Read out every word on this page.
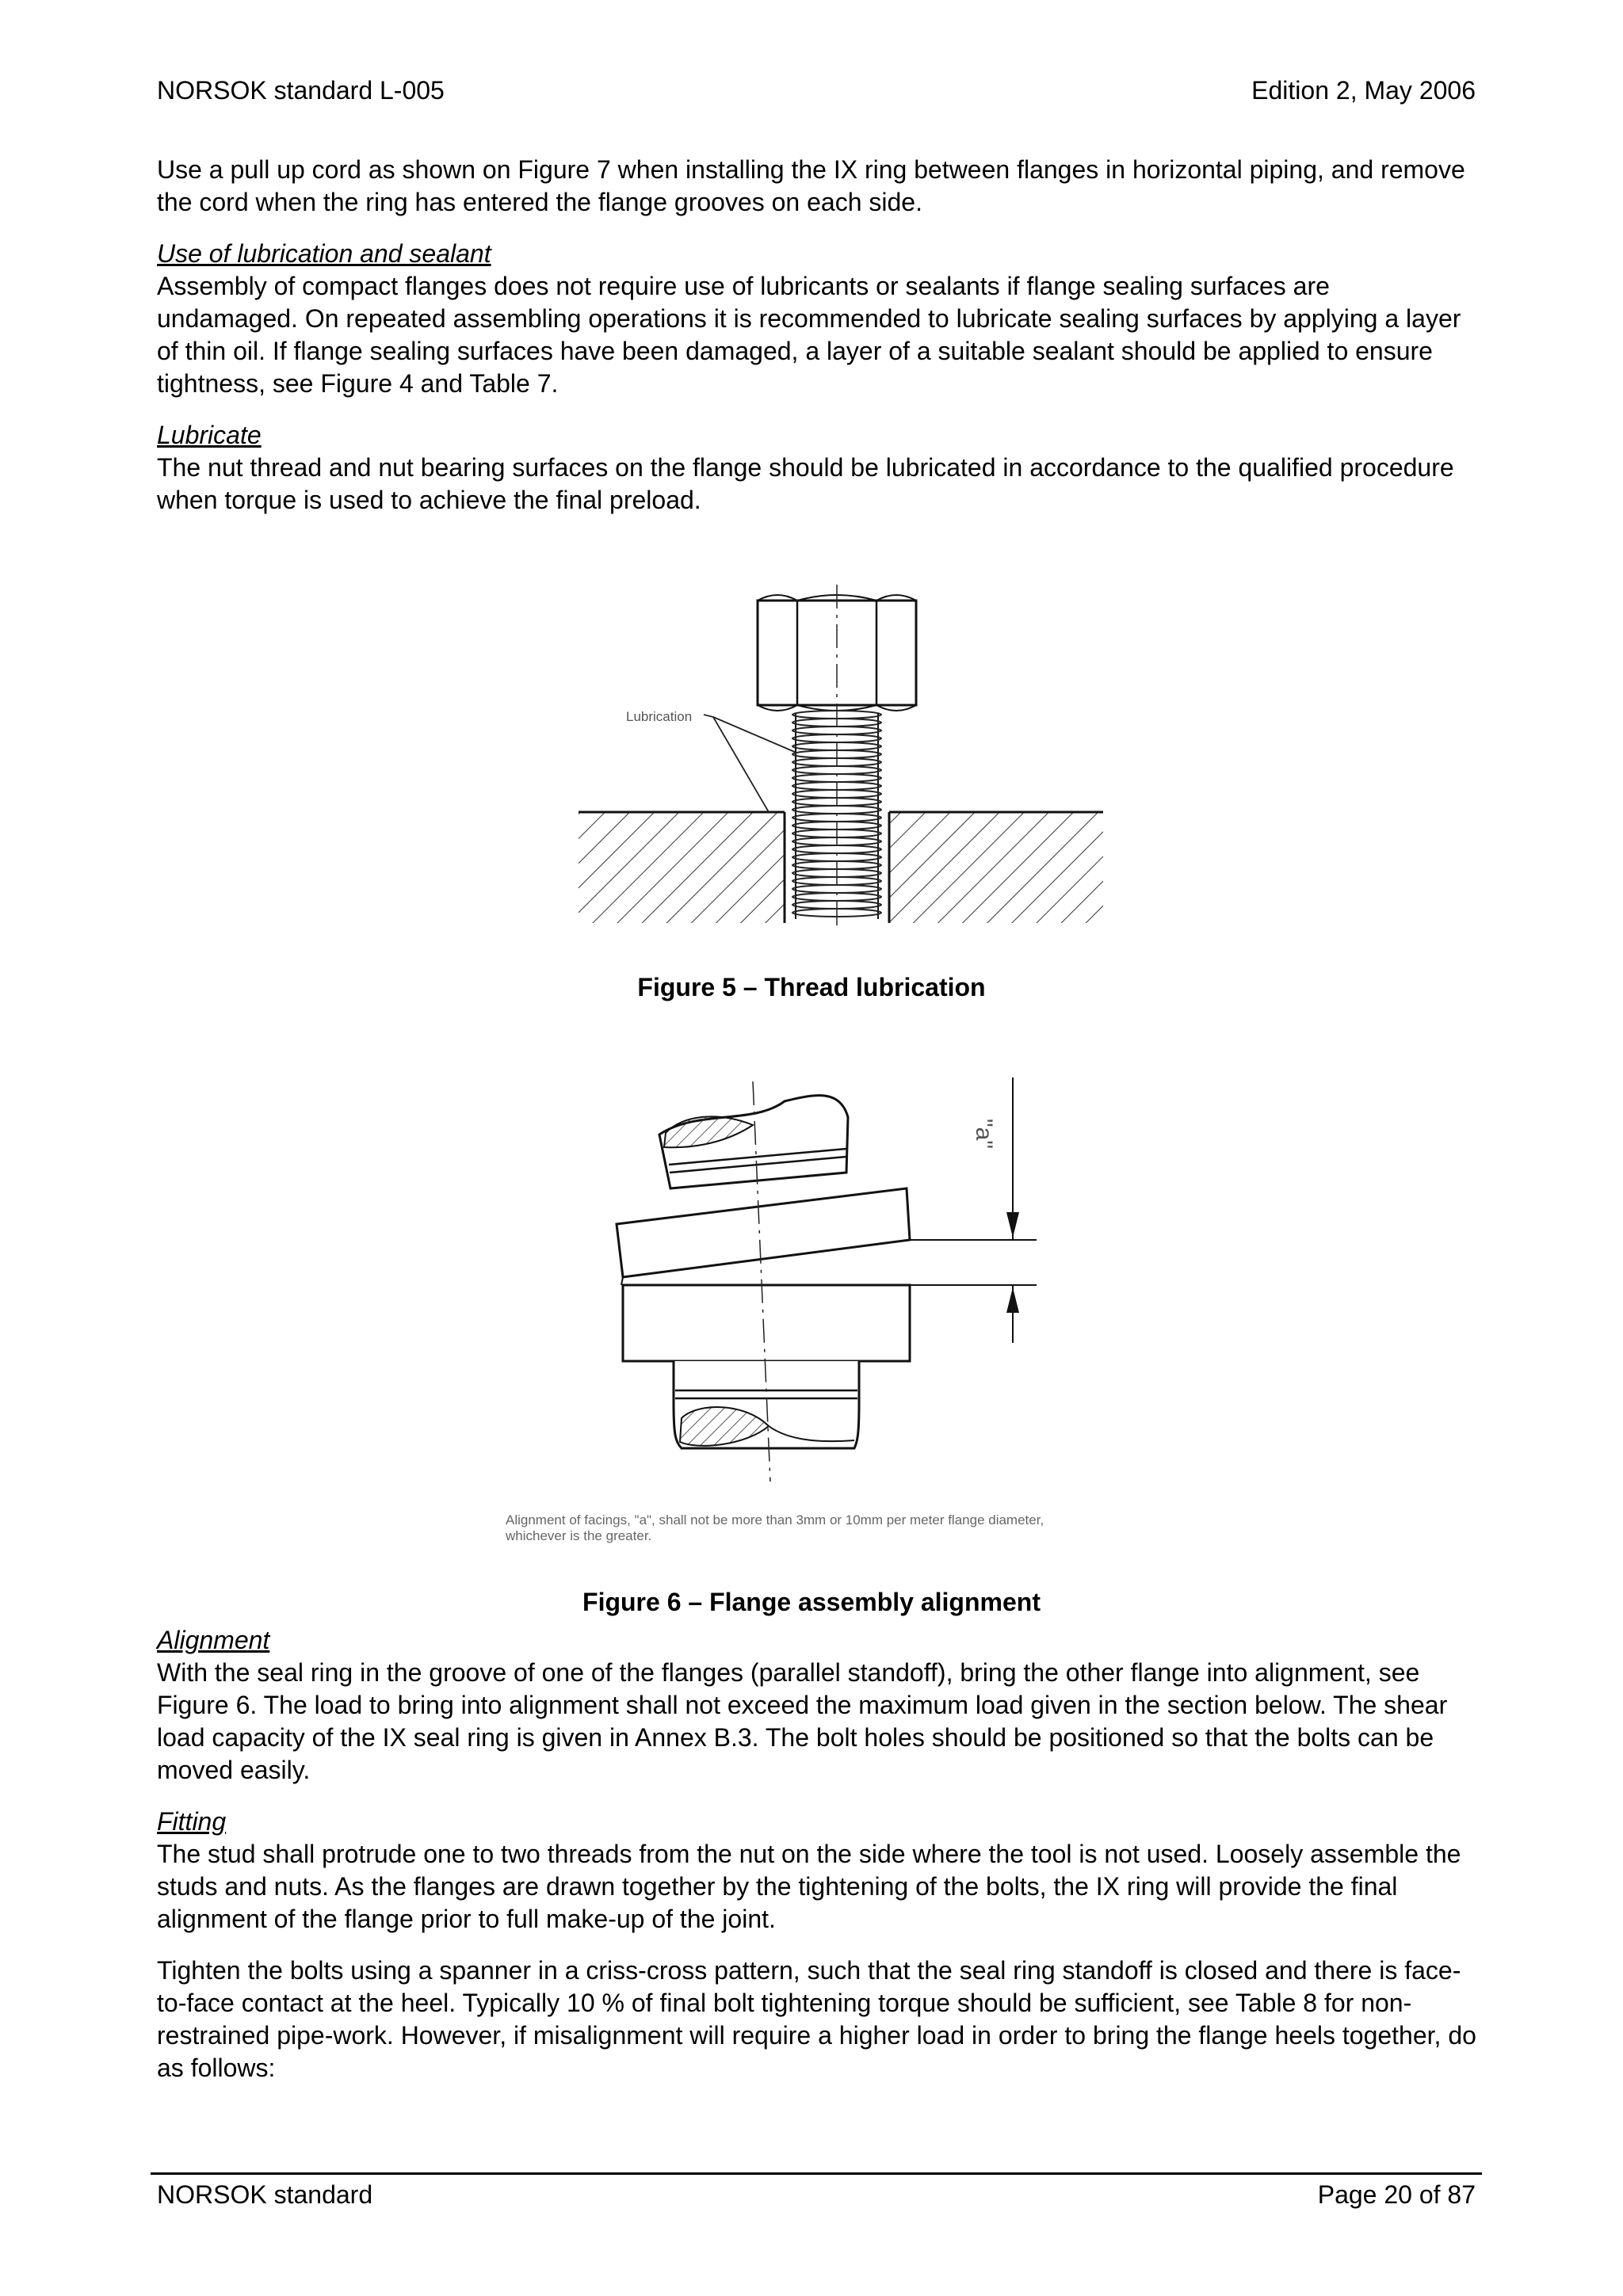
NORSOK standard L-005	Edition 2, May 2006

Use a pull up cord as shown on Figure 7 when installing the IX ring between flanges in horizontal piping, and remove the cord when the ring has entered the flange grooves on each side.

Use of lubrication and sealant

Assembly of compact flanges does not require use of lubricants or sealants if flange sealing surfaces are undamaged. On repeated assembling operations it is recommended to lubricate sealing surfaces by applying a layer of thin oil. If flange sealing surfaces have been damaged, a layer of a suitable sealant should be applied to ensure tightness, see Figure 4 and Table 7.

Lubricate

The nut thread and nut bearing surfaces on the flange should be lubricated in accordance to the qualified procedure when torque is used to achieve the final preload.

Lubrication
Figure 5 – Thread lubrication
"a"
Alignment of facings, "a", shall not be more than 3mm or 10mm per meter flange diameter,
whichever is the greater.
Figure 6 – Flange assembly alignment

Alignment

With the seal ring in the groove of one of the flanges (parallel standoff), bring the other flange into alignment, see Figure 6. The load to bring into alignment shall not exceed the maximum load given in the section below. The shear load capacity of the IX seal ring is given in Annex B.3. The bolt holes should be positioned so that the bolts can be moved easily.

Fitting

The stud shall protrude one to two threads from the nut on the side where the tool is not used. Loosely assemble the studs and nuts. As the flanges are drawn together by the tightening of the bolts, the IX ring will provide the final alignment of the flange prior to full make-up of the joint.

Tighten the bolts using a spanner in a criss-cross pattern, such that the seal ring standoff is closed and there is face-to-face contact at the heel. Typically 10 % of final bolt tightening torque should be sufficient, see Table 8 for non-restrained pipe-work. However, if misalignment will require a higher load in order to bring the flange heels together, do as follows:

NORSOK standard	Page 20 of 87
